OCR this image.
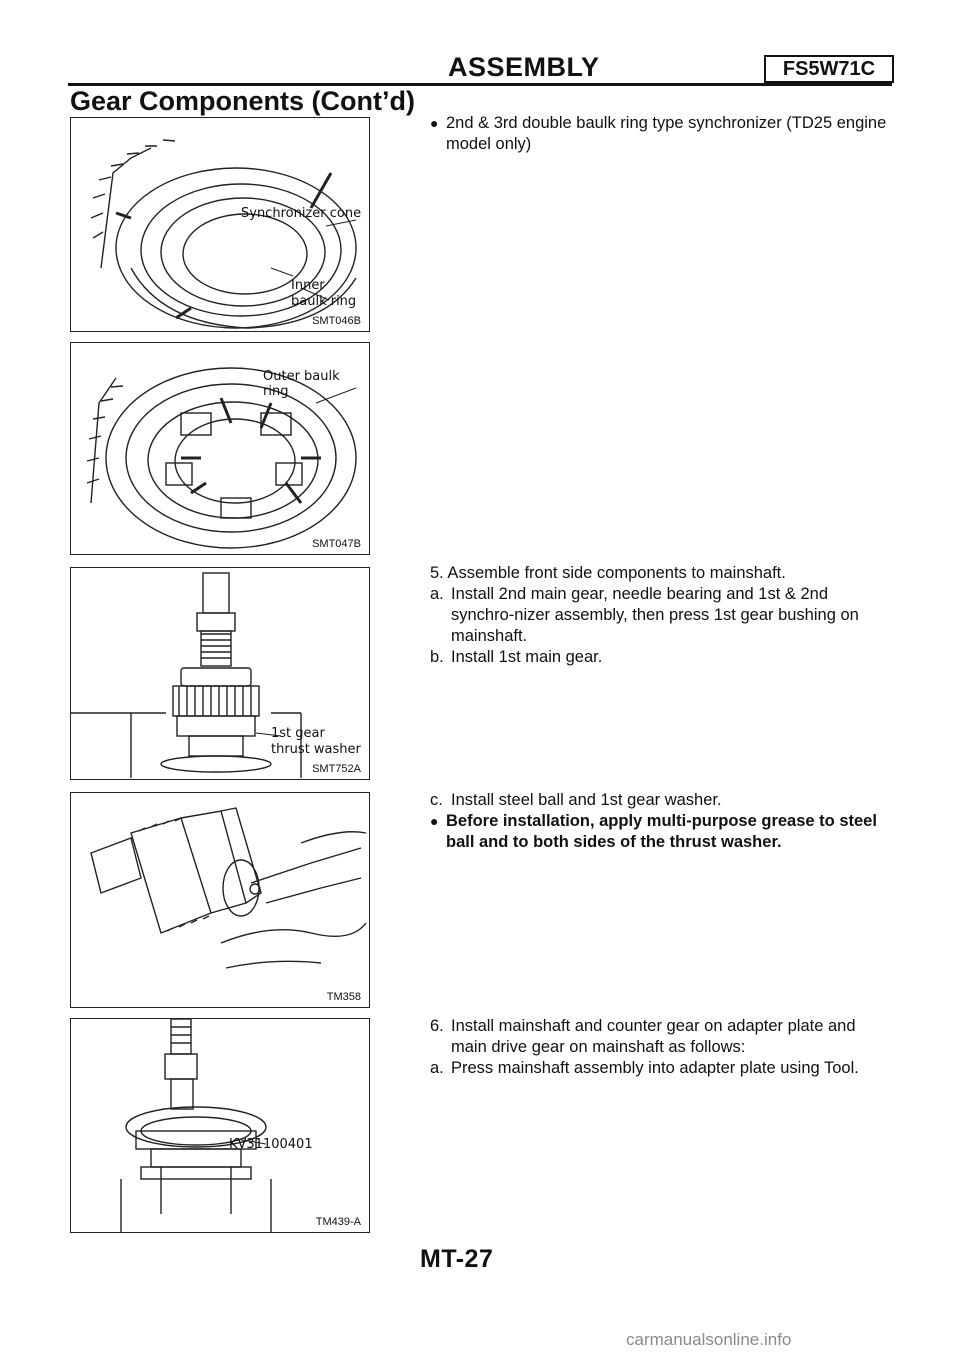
ASSEMBLY	FS5W71C
Gear Components (Cont’d)
Synchronizer cone
Inner
baulk ring
SMT046B
Outer baulk ring
SMT047B
1st gear
thrust washer
SMT752A
TM358
KV31100401
TM439-A
● 2nd & 3rd double baulk ring type synchronizer (TD25 engine model only)
5. Assemble front side components to mainshaft.
a. Install 2nd main gear, needle bearing and 1st & 2nd synchro-nizer assembly, then press 1st gear bushing on mainshaft.
b. Install 1st main gear.
c. Install steel ball and 1st gear washer.
● Before installation, apply multi-purpose grease to steel ball and to both sides of the thrust washer.
6. Install mainshaft and counter gear on adapter plate and main drive gear on mainshaft as follows:
a. Press mainshaft assembly into adapter plate using Tool.
MT-27
carmanualsonline.info
